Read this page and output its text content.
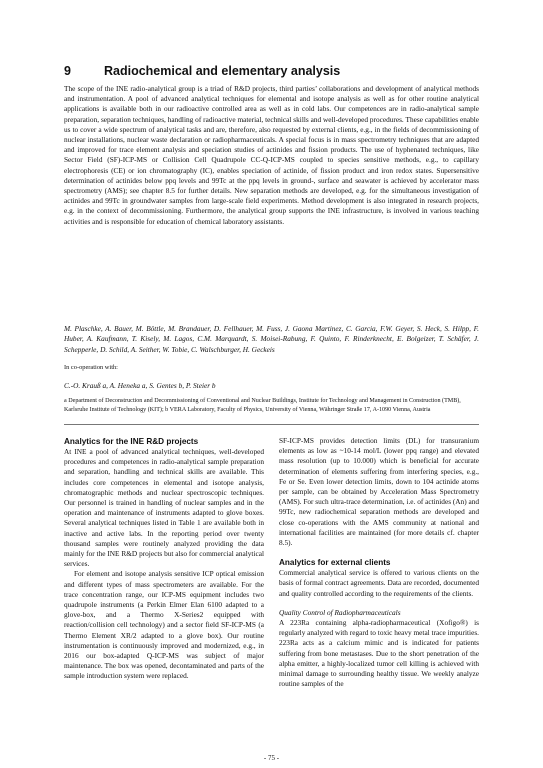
9	Radiochemical and elementary analysis
The scope of the INE radio-analytical group is a triad of R&D projects, third parties’ collaborations and development of analytical methods and instrumentation. A pool of advanced analytical techniques for elemental and isotope analysis as well as for other routine analytical applications is available both in our radioactive controlled area as well as in cold labs. Our competences are in radio-analytical sample preparation, separation techniques, handling of radioactive material, technical skills and well-developed procedures. These capabilities enable us to cover a wide spectrum of analytical tasks and are, therefore, also requested by external clients, e.g., in the fields of decommissioning of nuclear installations, nuclear waste declaration or radiopharmaceuticals. A special focus is in mass spectrometry techniques that are adapted and improved for trace element analysis and speciation studies of actinides and fission products. The use of hyphenated techniques, like Sector Field (SF)-ICP-MS or Collision Cell Quadrupole CC-Q-ICP-MS coupled to species sensitive methods, e.g., to capillary electrophoresis (CE) or ion chromatography (IC), enables speciation of actinide, of fission product and iron redox states. Supersensitive determination of actinides below ppq levels and 99Tc at the ppq levels in ground-, surface and seawater is achieved by accelerator mass spectrometry (AMS); see chapter 8.5 for further details. New separation methods are developed, e.g. for the simultaneous investigation of actinides and 99Tc in groundwater samples from large-scale field experiments. Method development is also integrated in research projects, e.g. in the context of decommissioning. Furthermore, the analytical group supports the INE infrastructure, is involved in various teaching activities and is responsible for education of chemical laboratory assistants.
M. Plaschke, A. Bauer, M. Böttle, M. Brandauer, D. Fellhauer, M. Fuss, J. Gaona Martinez, C. Garcia, F.W. Geyer, S. Heck, S. Hilpp, F. Huber, A. Kaufmann, T. Kisely, M. Lagos, C.M. Marquardt, S. Moisei-Rabung, F. Quinto, F. Rinderknecht, E. Bolgeizer, T. Schäfer, J. Schepperle, D. Schild, A. Seither, W. Tobie, C. Walschburger, H. Geckeis
In co-operation with:
C.-O. Krauß a, A. Heneka a, S. Gentes b, P. Steier b
a Department of Deconstruction and Decommissioning of Conventional and Nuclear Buildings, Institute for Technology and Management in Construction (TMB), Karlsruhe Institute of Technology (KIT); b VERA Laboratory, Faculty of Physics, University of Vienna, Währinger Straße 17, A-1090 Vienna, Austria

Analytics for the INE R&D projects

At INE a pool of advanced analytical techniques, well-developed procedures and competences in radio-analytical sample preparation and separation, handling and technical skills are available. This includes core competences in elemental and isotope analysis, chromatographic methods and nuclear spectroscopic techniques. Our personnel is trained in handling of nuclear samples and in the operation and maintenance of instruments adapted to glove boxes. Several analytical techniques listed in Table 1 are available both in inactive and active labs. In the reporting period over twenty thousand samples were routinely analyzed providing the data mainly for the INE R&D projects but also for commercial analytical services.

For element and isotope analysis sensitive ICP optical emission and different types of mass spectrometers are available. For the trace concentration range, our ICP-MS equipment includes two quadrupole instruments (a Perkin Elmer Elan 6100 adapted to a glove-box, and a Thermo X-Series2 equipped with reaction/collision cell technology) and a sector field SF-ICP-MS (a Thermo Element XR/2 adapted to a glove box). Our routine instrumentation is continuously improved and modernized, e.g., in 2016 our box-adapted Q-ICP-MS was subject of major maintenance. The box was opened, decontaminated and parts of the sample introduction system were replaced.

SF-ICP-MS provides detection limits (DL) for transuranium elements as low as ~10-14 mol/L (lower ppq range) and elevated mass resolution (up to 10.000) which is beneficial for accurate determination of elements suffering from interfering species, e.g., Fe or Se. Even lower detection limits, down to 104 actinide atoms per sample, can be obtained by Acceleration Mass Spectrometry (AMS). For such ultra-trace determination, i.e. of actinides (An) and 99Tc, new radiochemical separation methods are developed and close co-operations with the AMS community at national and international facilities are maintained (for more details cf. chapter 8.5).

Analytics for external clients

Commercial analytical service is offered to various clients on the basis of formal contract agreements. Data are recorded, documented and quality controlled according to the requirements of the clients.

Quality Control of Radiopharmaceuticals

A 223Ra containing alpha-radiopharmaceutical (Xofigo®) is regularly analyzed with regard to toxic heavy metal trace impurities. 223Ra acts as a calcium mimic and is indicated for patients suffering from bone metastases. Due to the short penetration of the alpha emitter, a highly-localized tumor cell killing is achieved with minimal damage to surrounding healthy tissue. We weekly analyze routine samples of the

- 75 -
